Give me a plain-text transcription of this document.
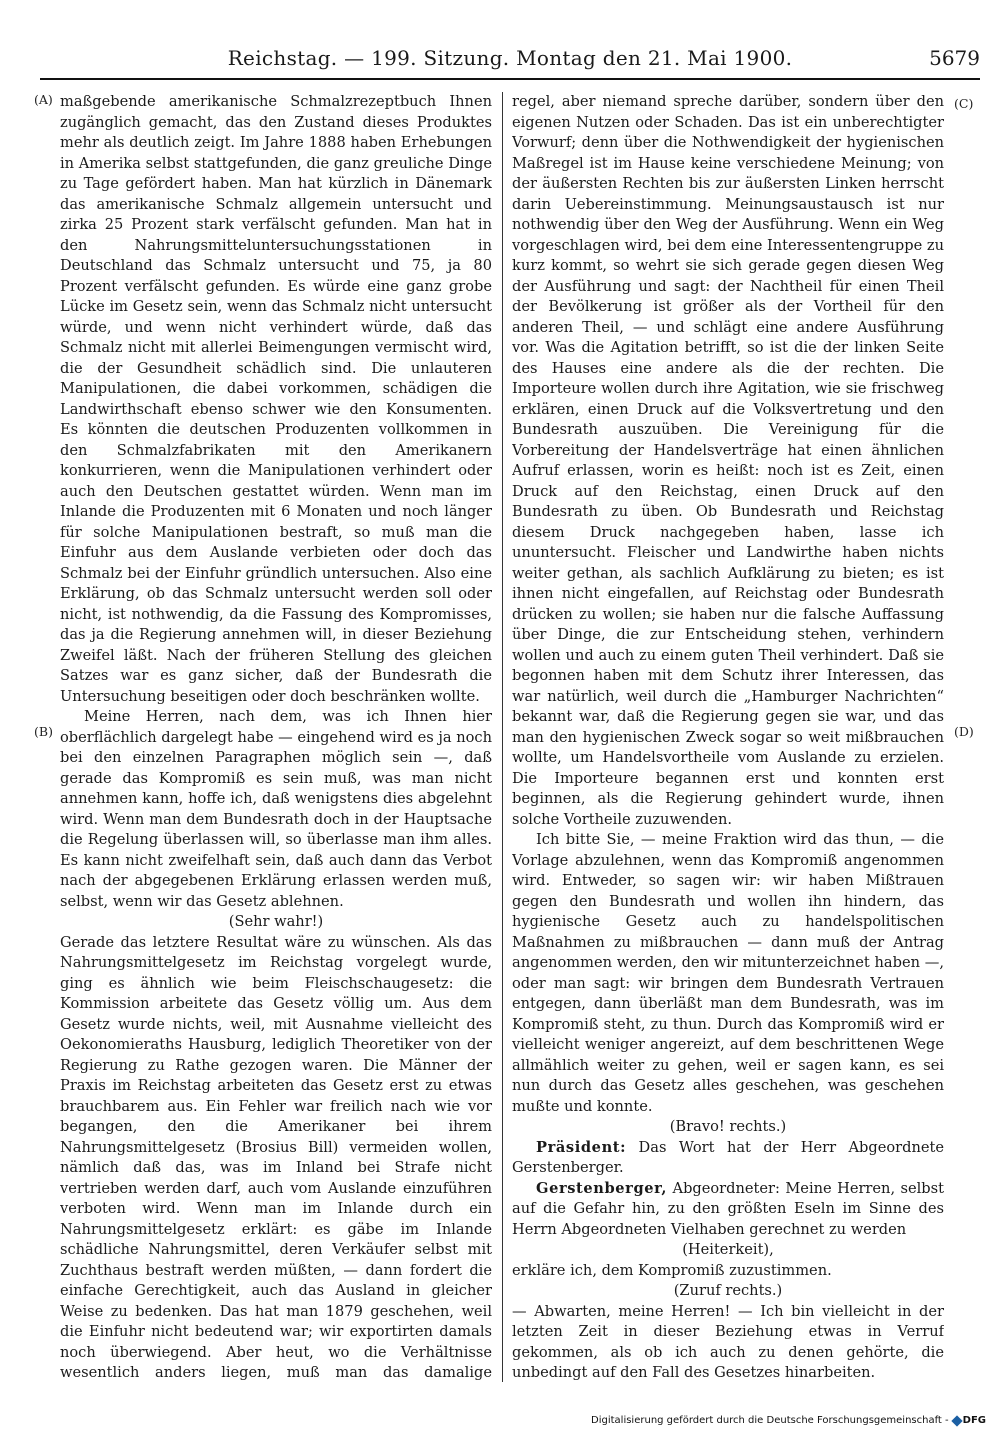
Reichstag. — 199. Sitzung. Montag den 21. Mai 1900.	5679
(A)
(B)
(C)
(D)

maßgebende amerikanische Schmalzrezeptbuch Ihnen zugänglich gemacht, das den Zustand dieses Produktes mehr als deutlich zeigt. Im Jahre 1888 haben Erhebungen in Amerika selbst stattgefunden, die ganz greuliche Dinge zu Tage gefördert haben. Man hat kürzlich in Dänemark das amerikanische Schmalz allgemein untersucht und zirka 25 Prozent stark verfälscht gefunden. Man hat in den Nahrungsmitteluntersuchungsstationen in Deutschland das Schmalz untersucht und 75, ja 80 Prozent verfälscht gefunden. Es würde eine ganz grobe Lücke im Gesetz sein, wenn das Schmalz nicht untersucht würde, und wenn nicht verhindert würde, daß das Schmalz nicht mit allerlei Beimengungen vermischt wird, die der Gesundheit schädlich sind. Die unlauteren Manipulationen, die dabei vorkommen, schädigen die Landwirthschaft ebenso schwer wie den Konsumenten. Es könnten die deutschen Produzenten vollkommen in den Schmalzfabrikaten mit den Amerikanern konkurrieren, wenn die Manipulationen verhindert oder auch den Deutschen gestattet würden. Wenn man im Inlande die Produzenten mit 6 Monaten und noch länger für solche Manipulationen bestraft, so muß man die Einfuhr aus dem Auslande verbieten oder doch das Schmalz bei der Einfuhr gründlich untersuchen. Also eine Erklärung, ob das Schmalz untersucht werden soll oder nicht, ist nothwendig, da die Fassung des Kompromisses, das ja die Regierung annehmen will, in dieser Beziehung Zweifel läßt. Nach der früheren Stellung des gleichen Satzes war es ganz sicher, daß der Bundesrath die Untersuchung beseitigen oder doch beschränken wollte.

Meine Herren, nach dem, was ich Ihnen hier oberflächlich dargelegt habe — eingehend wird es ja noch bei den einzelnen Paragraphen möglich sein —, daß gerade das Kompromiß es sein muß, was man nicht annehmen kann, hoffe ich, daß wenigstens dies abgelehnt wird. Wenn man dem Bundesrath doch in der Hauptsache die Regelung überlassen will, so überlasse man ihm alles. Es kann nicht zweifelhaft sein, daß auch dann das Verbot nach der abgegebenen Erklärung erlassen werden muß, selbst, wenn wir das Gesetz ablehnen.

(Sehr wahr!)

Gerade das letztere Resultat wäre zu wünschen. Als das Nahrungsmittelgesetz im Reichstag vorgelegt wurde, ging es ähnlich wie beim Fleischschaugesetz: die Kommission arbeitete das Gesetz völlig um. Aus dem Gesetz wurde nichts, weil, mit Ausnahme vielleicht des Oekonomieraths Hausburg, lediglich Theoretiker von der Regierung zu Rathe gezogen waren. Die Männer der Praxis im Reichstag arbeiteten das Gesetz erst zu etwas brauchbarem aus. Ein Fehler war freilich nach wie vor begangen, den die Amerikaner bei ihrem Nahrungsmittelgesetz (Brosius Bill) vermeiden wollen, nämlich daß das, was im Inland bei Strafe nicht vertrieben werden darf, auch vom Auslande einzuführen verboten wird. Wenn man im Inlande durch ein Nahrungsmittelgesetz erklärt: es gäbe im Inlande schädliche Nahrungsmittel, deren Verkäufer selbst mit Zuchthaus bestraft werden müßten, — dann fordert die einfache Gerechtigkeit, auch das Ausland in gleicher Weise zu bedenken. Das hat man 1879 geschehen, weil die Einfuhr nicht bedeutend war; wir exportirten damals noch überwiegend. Aber heut, wo die Verhältnisse wesentlich anders liegen, muß man das damalige

regel, aber niemand spreche darüber, sondern über den eigenen Nutzen oder Schaden. Das ist ein unberechtigter Vorwurf; denn über die Nothwendigkeit der hygienischen Maßregel ist im Hause keine verschiedene Meinung; von der äußersten Rechten bis zur äußersten Linken herrscht darin Uebereinstimmung. Meinungsaustausch ist nur nothwendig über den Weg der Ausführung. Wenn ein Weg vorgeschlagen wird, bei dem eine Interessentengruppe zu kurz kommt, so wehrt sie sich gerade gegen diesen Weg der Ausführung und sagt: der Nachtheil für einen Theil der Bevölkerung ist größer als der Vortheil für den anderen Theil, — und schlägt eine andere Ausführung vor. Was die Agitation betrifft, so ist die der linken Seite des Hauses eine andere als die der rechten. Die Importeure wollen durch ihre Agitation, wie sie frischweg erklären, einen Druck auf die Volksvertretung und den Bundesrath auszuüben. Die Vereinigung für die Vorbereitung der Handelsverträge hat einen ähnlichen Aufruf erlassen, worin es heißt: noch ist es Zeit, einen Druck auf den Reichstag, einen Druck auf den Bundesrath zu üben. Ob Bundesrath und Reichstag diesem Druck nachgegeben haben, lasse ich ununtersucht. Fleischer und Landwirthe haben nichts weiter gethan, als sachlich Aufklärung zu bieten; es ist ihnen nicht eingefallen, auf Reichstag oder Bundesrath drücken zu wollen; sie haben nur die falsche Auffassung über Dinge, die zur Entscheidung stehen, verhindern wollen und auch zu einem guten Theil verhindert. Daß sie begonnen haben mit dem Schutz ihrer Interessen, das war natürlich, weil durch die „Hamburger Nachrichten“ bekannt war, daß die Regierung gegen sie war, und das man den hygienischen Zweck sogar so weit mißbrauchen wollte, um Handelsvortheile vom Auslande zu erzielen. Die Importeure begannen erst und konnten erst beginnen, als die Regierung gehindert wurde, ihnen solche Vortheile zuzuwenden.

Ich bitte Sie, — meine Fraktion wird das thun, — die Vorlage abzulehnen, wenn das Kompromiß angenommen wird. Entweder, so sagen wir: wir haben Mißtrauen gegen den Bundesrath und wollen ihn hindern, das hygienische Gesetz auch zu handelspolitischen Maßnahmen zu mißbrauchen — dann muß der Antrag angenommen werden, den wir mitunterzeichnet haben —, oder man sagt: wir bringen dem Bundesrath Vertrauen entgegen, dann überläßt man dem Bundesrath, was im Kompromiß steht, zu thun. Durch das Kompromiß wird er vielleicht weniger angereizt, auf dem beschrittenen Wege allmählich weiter zu gehen, weil er sagen kann, es sei nun durch das Gesetz alles geschehen, was geschehen mußte und konnte.

(Bravo! rechts.)

Präsident: Das Wort hat der Herr Abgeordnete Gerstenberger.

Gerstenberger, Abgeordneter: Meine Herren, selbst auf die Gefahr hin, zu den größten Eseln im Sinne des Herrn Abgeordneten Vielhaben gerechnet zu werden

(Heiterkeit),

erkläre ich, dem Kompromiß zuzustimmen.

(Zuruf rechts.)

— Abwarten, meine Herren! — Ich bin vielleicht in der letzten Zeit in dieser Beziehung etwas in Verruf gekommen, als ob ich auch zu denen gehörte, die unbedingt auf den Fall des Gesetzes hinarbeiten.

Digitalisierung gefördert durch die Deutsche Forschungsgemeinschaft - DFG
